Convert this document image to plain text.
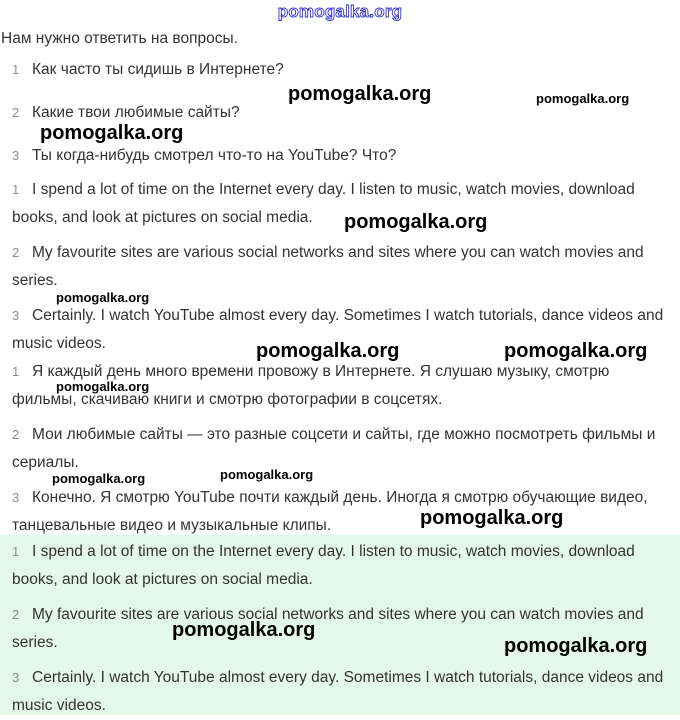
pomogalka.org
Нам нужно ответить на вопросы.
1 Как часто ты сидишь в Интернете?
2 Какие твои любимые сайты?
3 Ты когда-нибудь смотрел что-то на YouTube? Что?
1 I spend a lot of time on the Internet every day. I listen to music, watch movies, download books, and look at pictures on social media.
2 My favourite sites are various social networks and sites where you can watch movies and series.
3 Certainly. I watch YouTube almost every day. Sometimes I watch tutorials, dance videos and music videos.
1 Я каждый день много времени провожу в Интернете. Я слушаю музыку, смотрю фильмы, скачиваю книги и смотрю фотографии в соцсетях.
2 Мои любимые сайты — это разные соцсети и сайты, где можно посмотреть фильмы и сериалы.
3 Конечно. Я смотрю YouTube почти каждый день. Иногда я смотрю обучающие видео, танцевальные видео и музыкальные клипы.
1 I spend a lot of time on the Internet every day. I listen to music, watch movies, download books, and look at pictures on social media.
2 My favourite sites are various social networks and sites where you can watch movies and series.
3 Certainly. I watch YouTube almost every day. Sometimes I watch tutorials, dance videos and music videos.
pomogalka.org	pomogalka.org
pomogalka.org
pomogalka.org
pomogalka.org
pomogalka.org	pomogalka.org
pomogalka.org
pomogalka.org	pomogalka.org
pomogalka.org
pomogalka.org
pomogalka.org
